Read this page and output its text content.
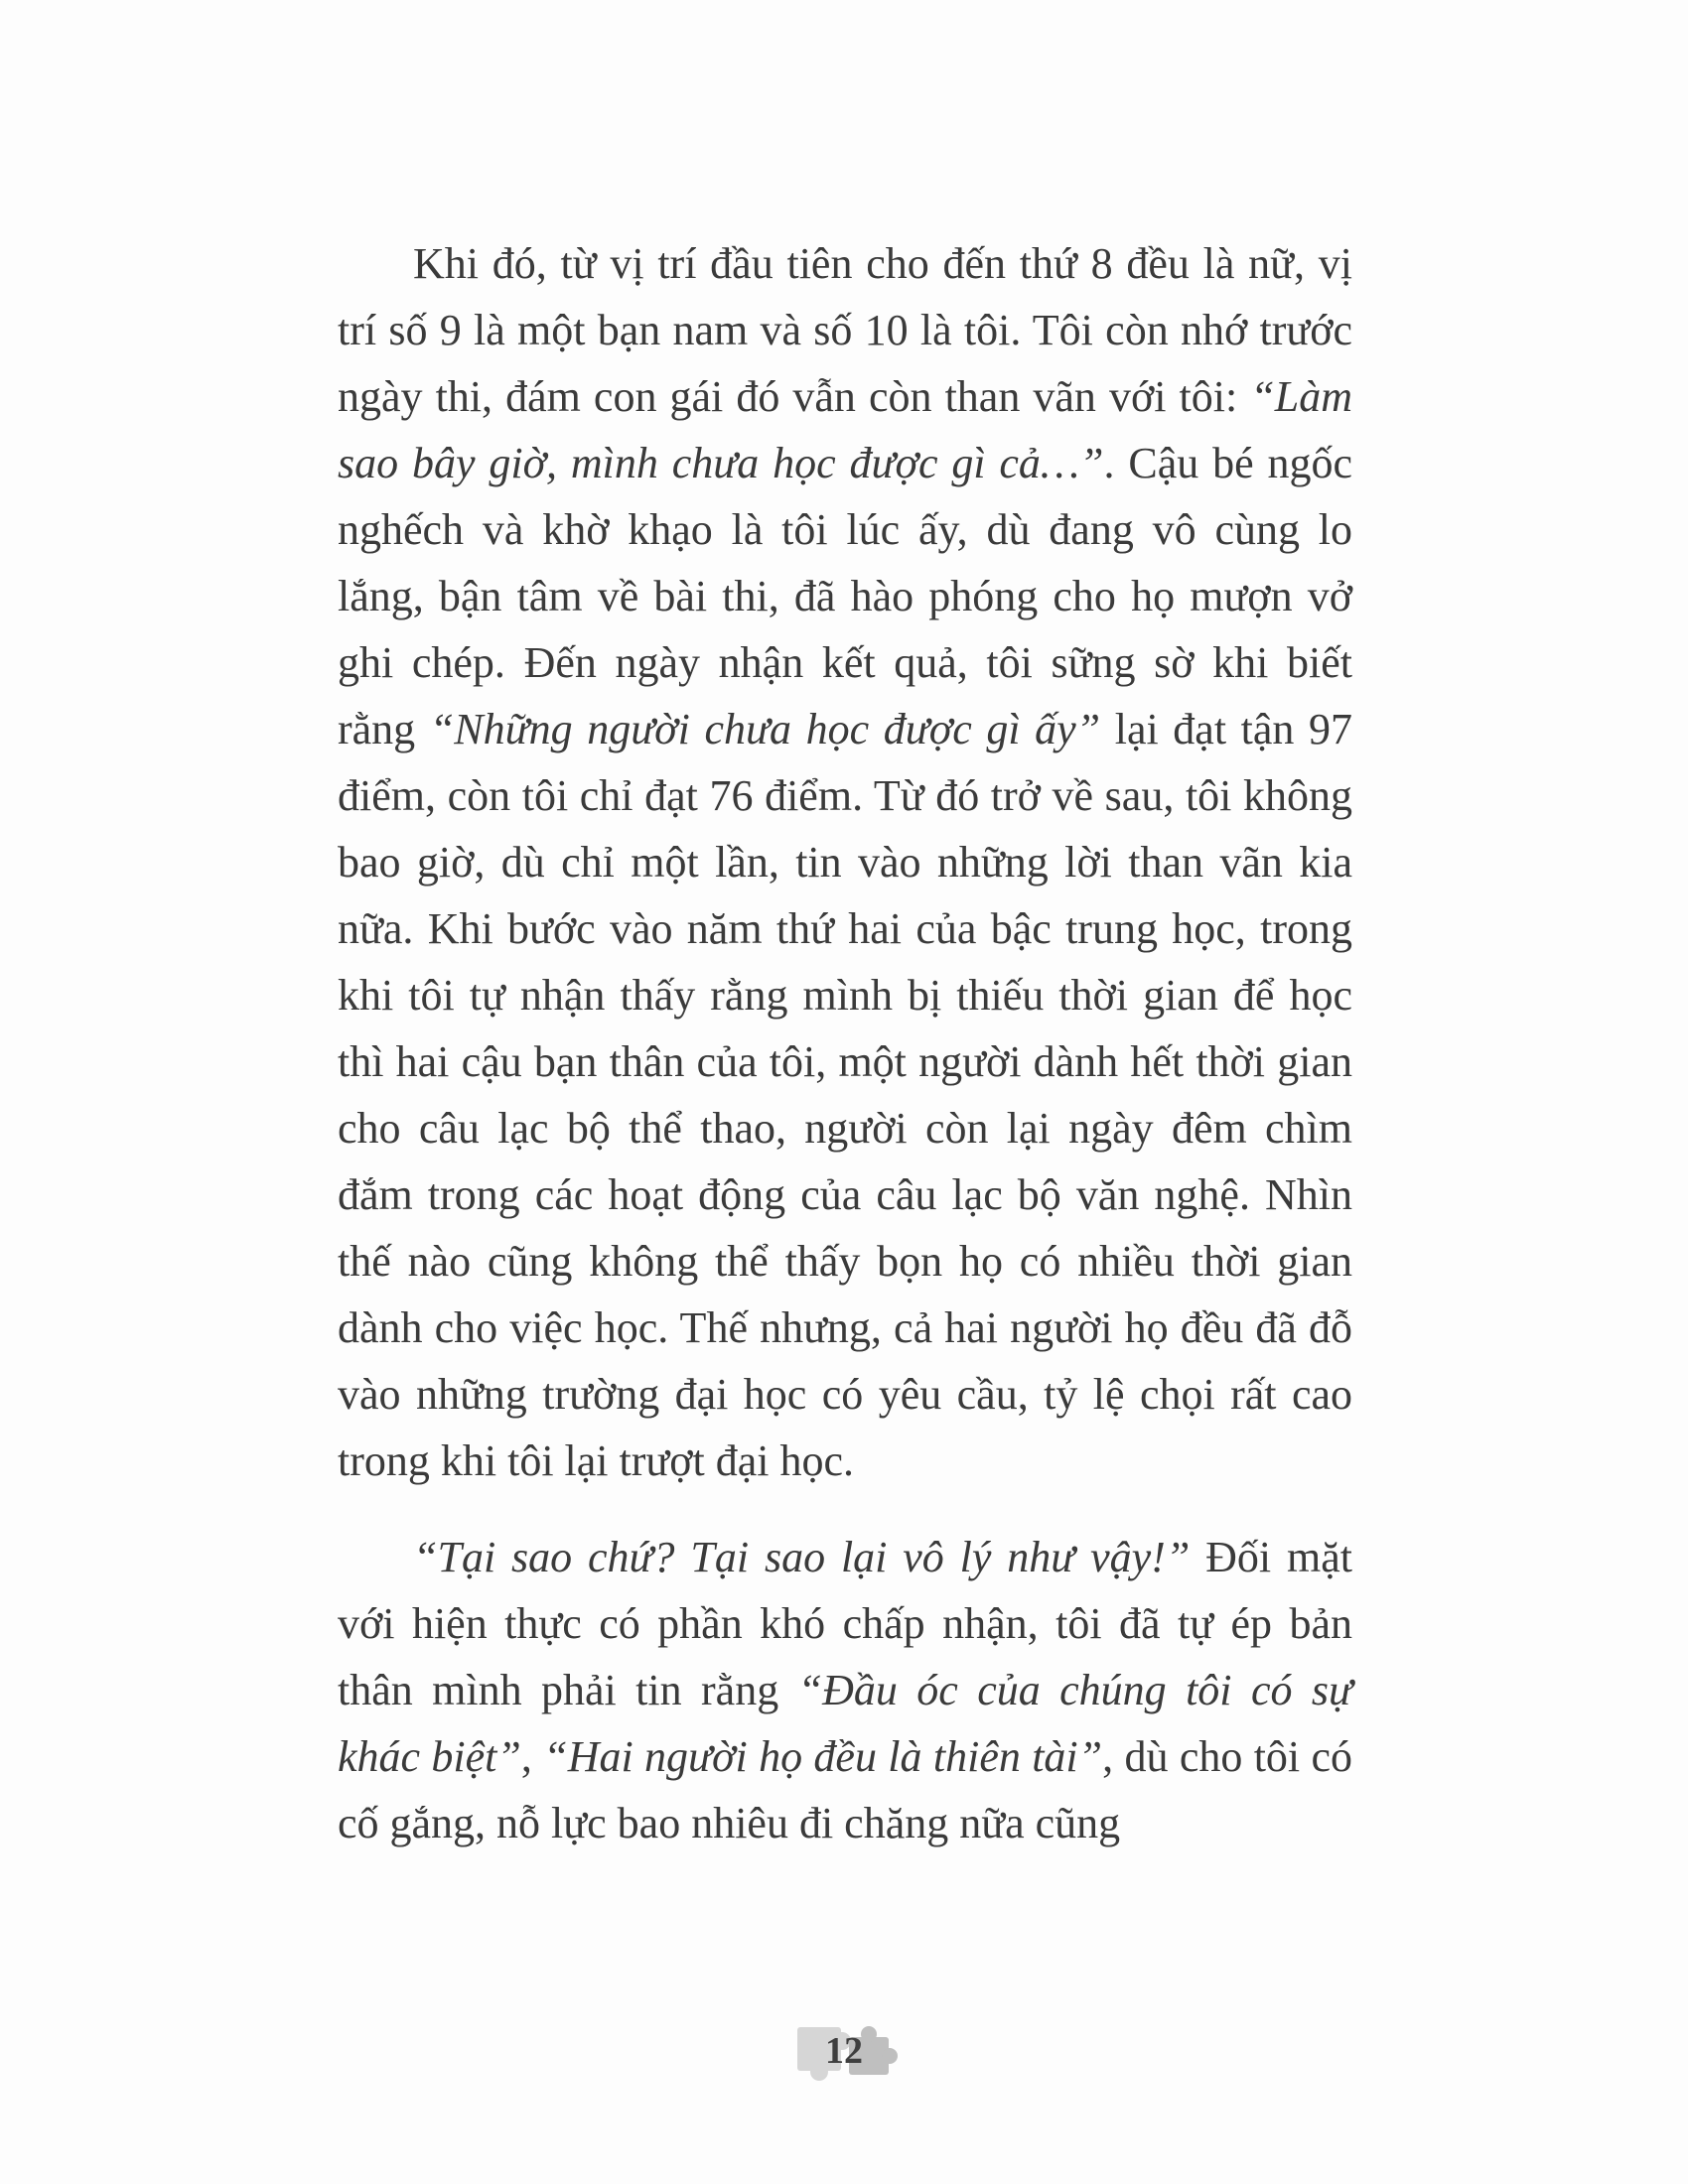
Khi đó, từ vị trí đầu tiên cho đến thứ 8 đều là nữ, vị trí số 9 là một bạn nam và số 10 là tôi. Tôi còn nhớ trước ngày thi, đám con gái đó vẫn còn than vãn với tôi: “Làm sao bây giờ, mình chưa học được gì cả…”. Cậu bé ngốc nghếch và khờ khạo là tôi lúc ấy, dù đang vô cùng lo lắng, bận tâm về bài thi, đã hào phóng cho họ mượn vở ghi chép. Đến ngày nhận kết quả, tôi sững sờ khi biết rằng “Những người chưa học được gì ấy” lại đạt tận 97 điểm, còn tôi chỉ đạt 76 điểm. Từ đó trở về sau, tôi không bao giờ, dù chỉ một lần, tin vào những lời than vãn kia nữa. Khi bước vào năm thứ hai của bậc trung học, trong khi tôi tự nhận thấy rằng mình bị thiếu thời gian để học thì hai cậu bạn thân của tôi, một người dành hết thời gian cho câu lạc bộ thể thao, người còn lại ngày đêm chìm đắm trong các hoạt động của câu lạc bộ văn nghệ. Nhìn thế nào cũng không thể thấy bọn họ có nhiều thời gian dành cho việc học. Thế nhưng, cả hai người họ đều đã đỗ vào những trường đại học có yêu cầu, tỷ lệ chọi rất cao trong khi tôi lại trượt đại học.

“Tại sao chứ? Tại sao lại vô lý như vậy!” Đối mặt với hiện thực có phần khó chấp nhận, tôi đã tự ép bản thân mình phải tin rằng “Đầu óc của chúng tôi có sự khác biệt”, “Hai người họ đều là thiên tài”, dù cho tôi có cố gắng, nỗ lực bao nhiêu đi chăng nữa cũng

12
